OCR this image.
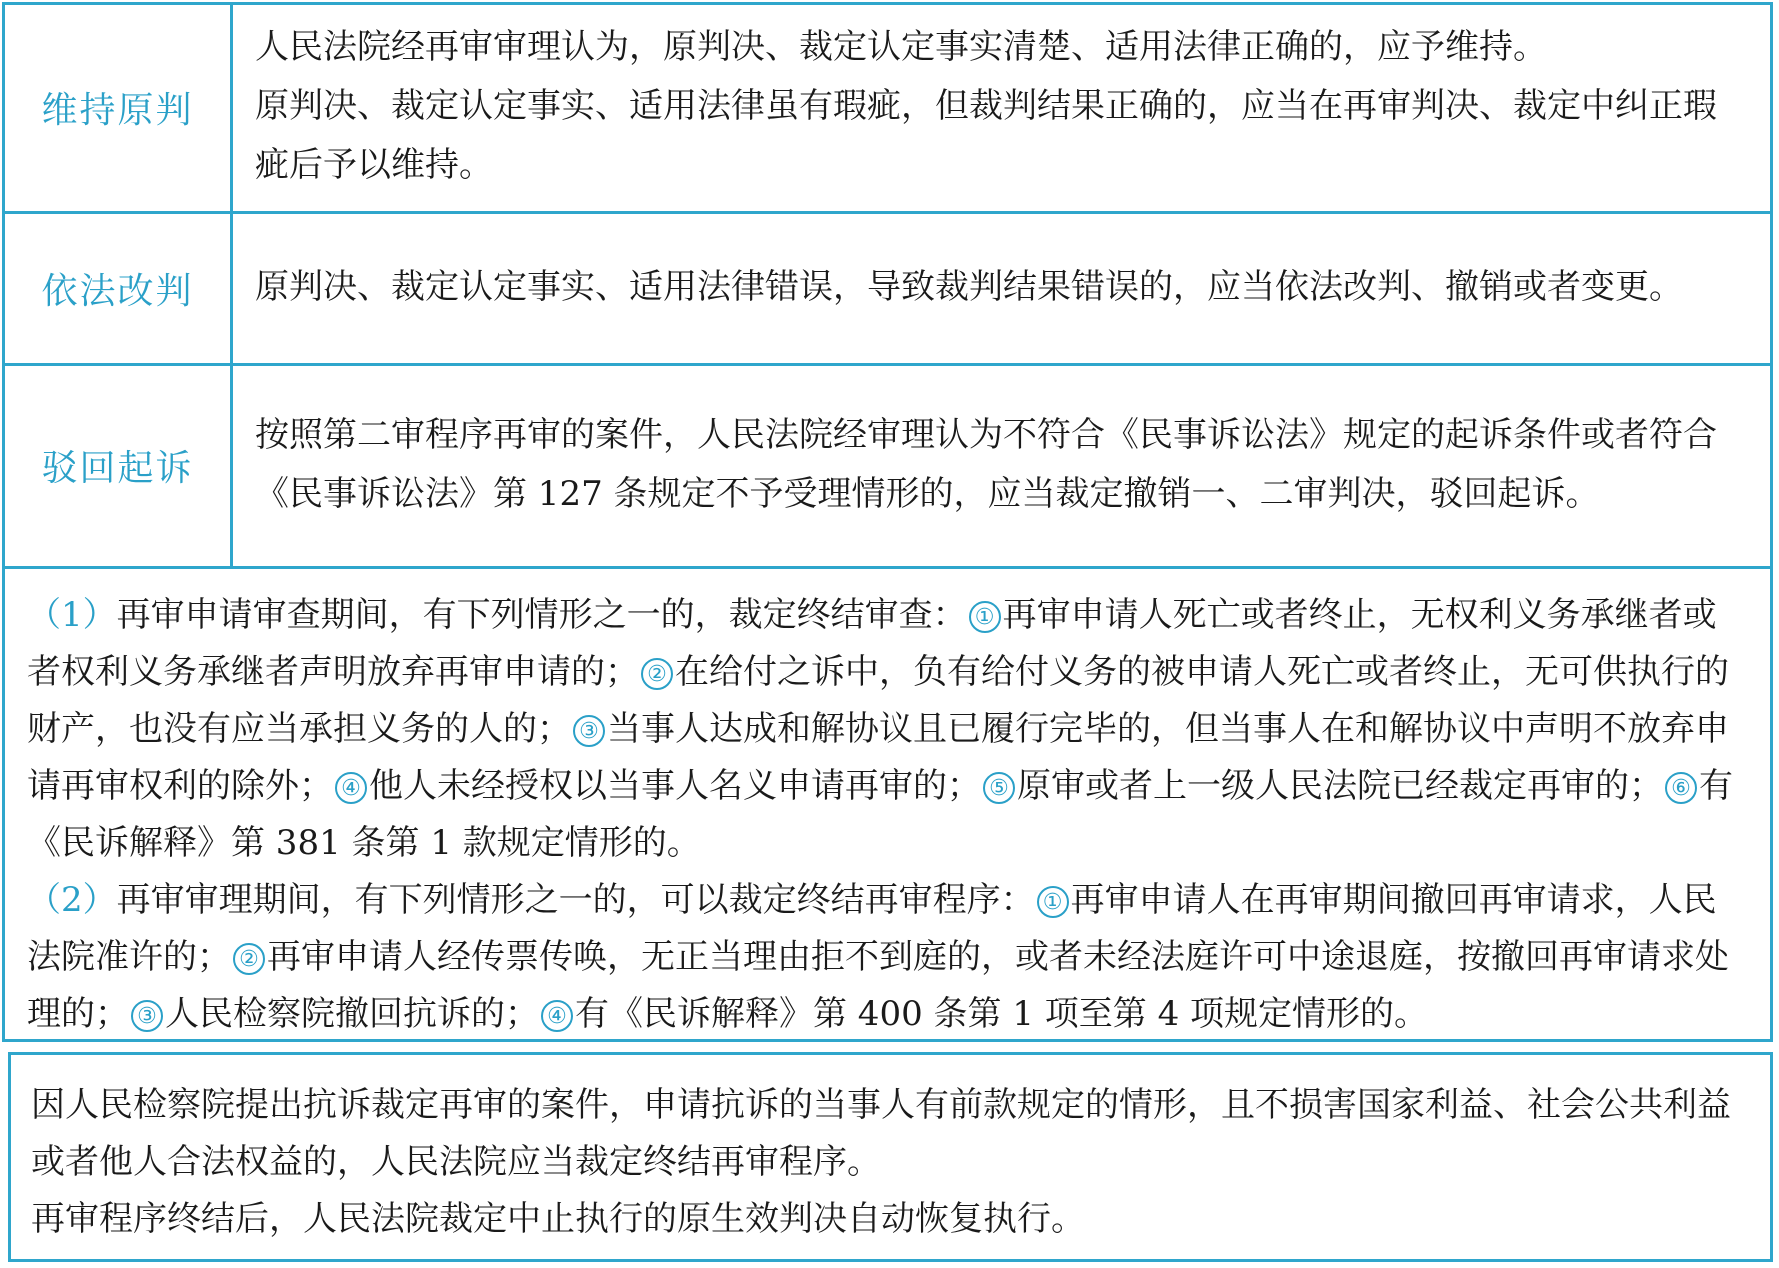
维持原判	人民法院经再审审理认为，原判决、裁定认定事实清楚、适用法律正确的，应予维持。
原判决、裁定认定事实、适用法律虽有瑕疵，但裁判结果正确的，应当在再审判决、裁定中纠正瑕疵后予以维持。

依法改判	原判决、裁定认定事实、适用法律错误，导致裁判结果错误的，应当依法改判、撤销或者变更。

驳回起诉	按照第二审程序再审的案件，人民法院经审理认为不符合《民事诉讼法》规定的起诉条件或者符合《民事诉讼法》第 127 条规定不予受理情形的，应当裁定撤销一、二审判决，驳回起诉。
（1）再审申请审查期间，有下列情形之一的，裁定终结审查： ① 再审申请人死亡或者终止，无权利义务承继者或者权利义务承继者声明放弃再审申请的； ② 在给付之诉中，负有给付义务的被申请人死亡或者终止，无可供执行的财产，也没有应当承担义务的人的； ③ 当事人达成和解协议且已履行完毕的，但当事人在和解协议中声明不放弃申请再审权利的除外； ④ 他人未经授权以当事人名义申请再审的； ⑤ 原审或者上一级人民法院已经裁定再审的； ⑥ 有《民诉解释》第 381 条第 1 款规定情形的。
（2）再审审理期间，有下列情形之一的，可以裁定终结再审程序： ① 再审申请人在再审期间撤回再审请求，人民法院准许的； ② 再审申请人经传票传唤，无正当理由拒不到庭的，或者未经法庭许可中途退庭，按撤回再审请求处理的； ③ 人民检察院撤回抗诉的； ④ 有《民诉解释》第 400 条第 1 项至第 4 项规定情形的。
因人民检察院提出抗诉裁定再审的案件，申请抗诉的当事人有前款规定的情形，且不损害国家利益、社会公共利益或者他人合法权益的，人民法院应当裁定终结再审程序。
再审程序终结后，人民法院裁定中止执行的原生效判决自动恢复执行。
